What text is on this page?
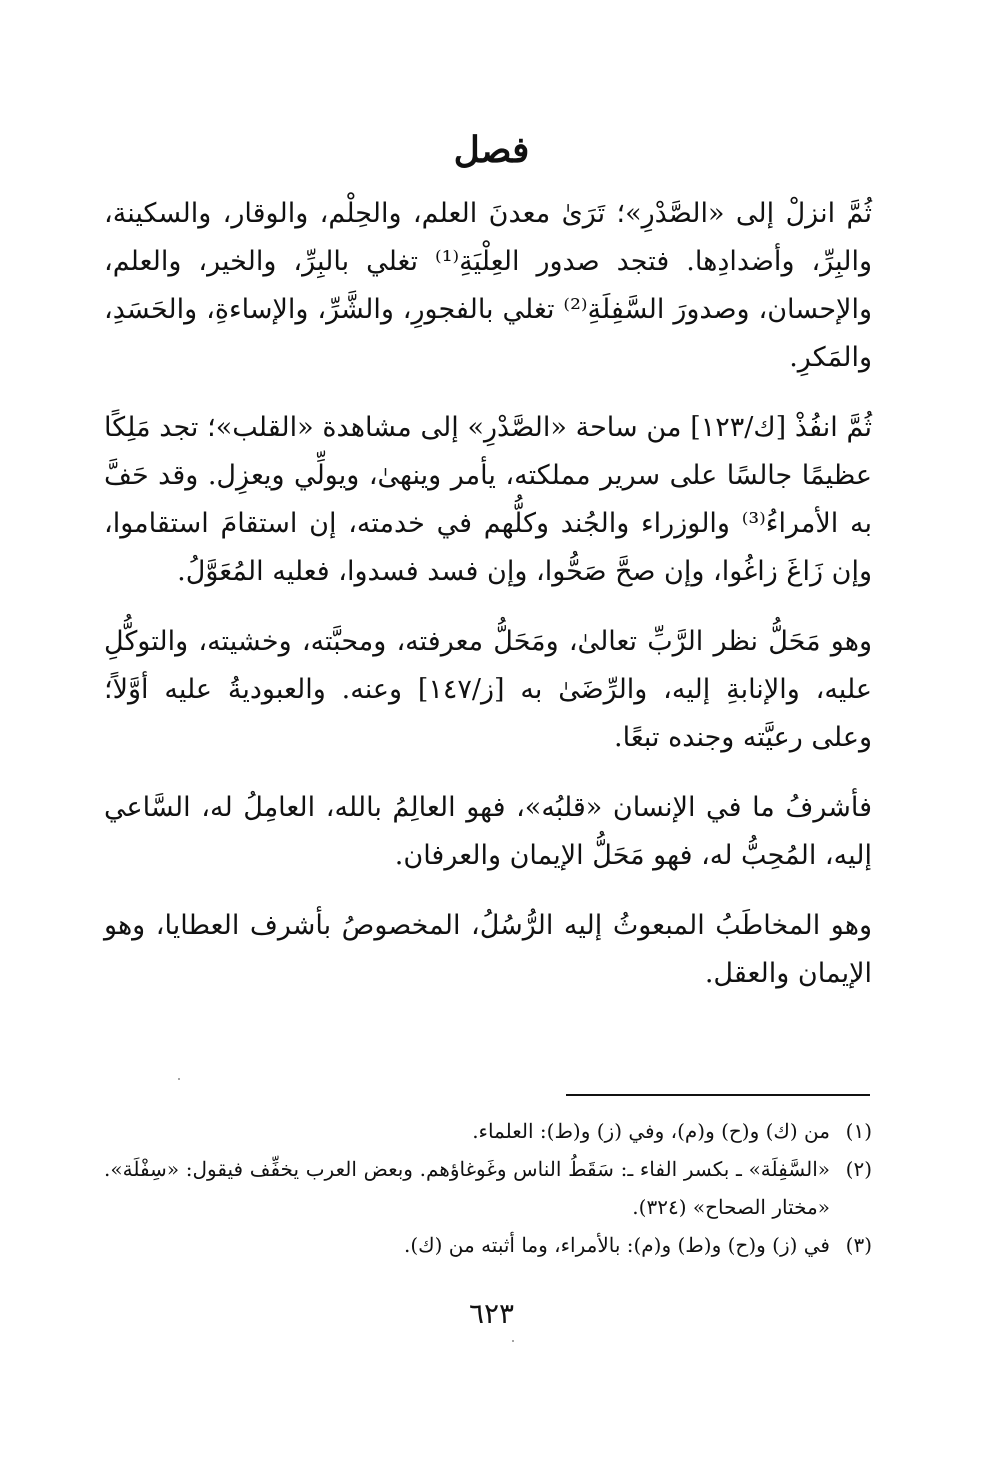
فصل

ثُمَّ انزلْ إلى «الصَّدْرِ»؛ تَرَىٰ معدنَ العلم، والحِلْم، والوقار، والسكينة، والبِرِّ، وأضدادِها. فتجد صدور العِلْيَةِ⁽¹⁾ تغلي بالبِرِّ، والخير، والعلم، والإحسان، وصدورَ السَّفِلَةِ⁽²⁾ تغلي بالفجورِ، والشَّرِّ، والإساءةِ، والحَسَدِ، والمَكرِ.

ثُمَّ انفُذْ [ك/١٢٣] من ساحة «الصَّدْرِ» إلى مشاهدة «القلب»؛ تجد مَلِكًا عظيمًا جالسًا على سرير مملكته، يأمر وينهىٰ، ويولِّي ويعزِل. وقد حَفَّ به الأمراءُ⁽³⁾ والوزراء والجُند وكلُّهم في خدمته، إن استقامَ استقاموا، وإن زَاغَ زاغُوا، وإن صحَّ صَحُّوا، وإن فسد فسدوا، فعليه المُعَوَّلُ.

وهو مَحَلُّ نظر الرَّبِّ تعالىٰ، ومَحَلُّ معرفته، ومحبَّته، وخشيته، والتوكُّلِ عليه، والإنابةِ إليه، والرِّضَىٰ به [ز/١٤٧] وعنه. والعبوديةُ عليه أوَّلاً؛ وعلى رعيَّته وجنده تبعًا.

فأشرفُ ما في الإنسان «قلبُه»، فهو العالِمُ بالله، العامِلُ له، السَّاعي إليه، المُحِبُّ له، فهو مَحَلُّ الإيمان والعرفان.

وهو المخاطَبُ المبعوثُ إليه الرُّسُلُ، المخصوصُ بأشرف العطايا، وهو الإيمان والعقل.

(١)
من (ك) و(ح) و(م)، وفي (ز) و(ط): العلماء.
(٢)
«السَّفِلَة» ـ بكسر الفاء ـ: سَقَطُ الناس وغَوغاؤهم. وبعض العرب يخفِّف فيقول: «سِفْلَة». «مختار الصحاح» (٣٢٤).
(٣)
في (ز) و(ح) و(ط) و(م): بالأمراء، وما أثبته من (ك).
٦٢٣
